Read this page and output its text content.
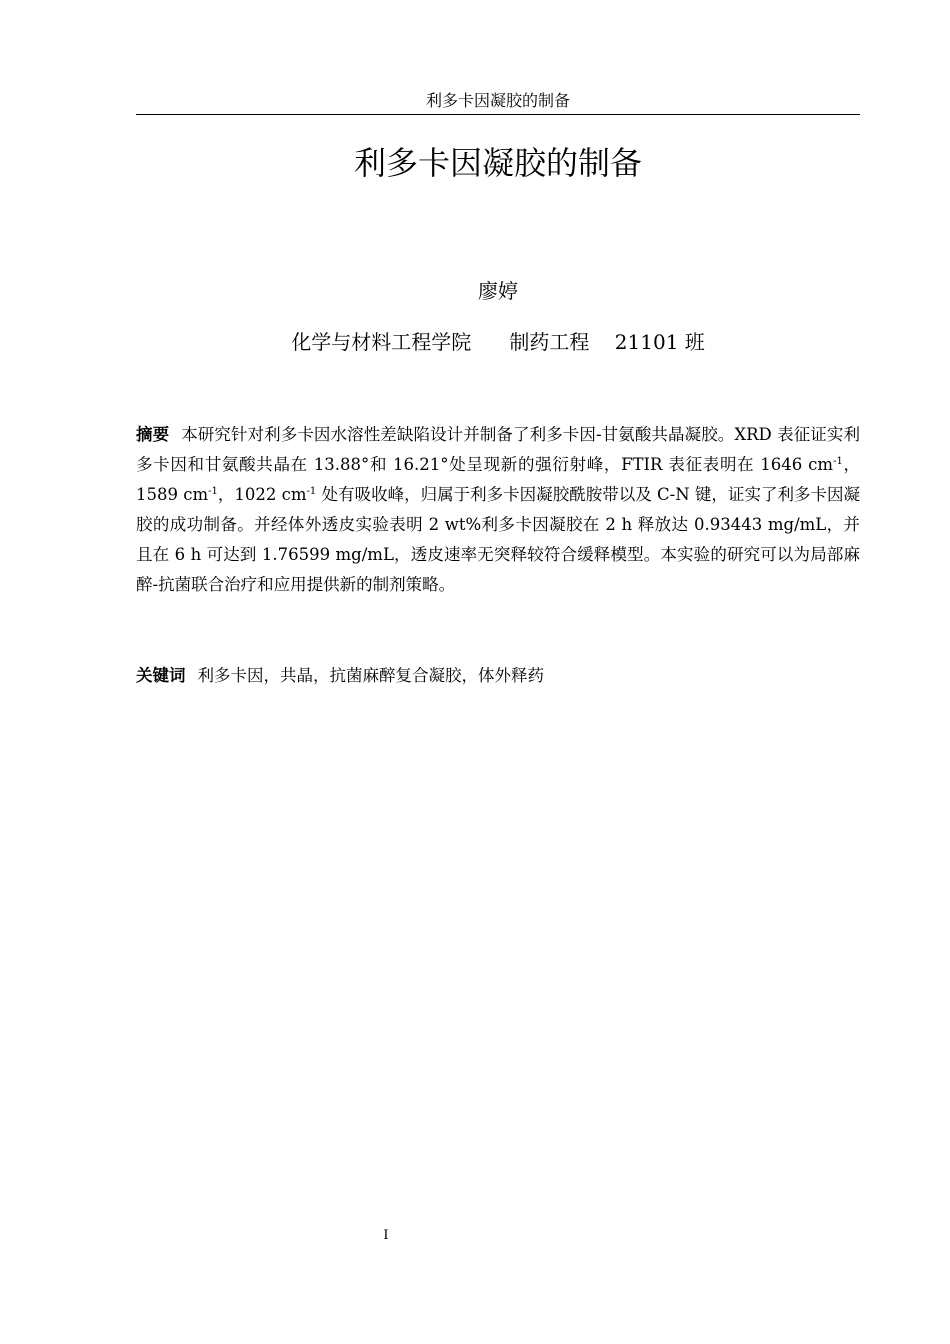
利多卡因凝胶的制备
利多卡因凝胶的制备
廖婷
化学与材料工程学院      制药工程    21101 班

摘要 本研究针对利多卡因水溶性差缺陷设计并制备了利多卡因-甘氨酸共晶凝胶。XRD 表征证实利多卡因和甘氨酸共晶在 13.88°和 16.21°处呈现新的强衍射峰，FTIR 表征表明在 1646 $cm^{-1}$，1589 $cm^{-1}$，1022 $cm^{-1}$ 处有吸收峰，归属于利多卡因凝胶酰胺带以及 C-N 键，证实了利多卡因凝胶的成功制备。并经体外透皮实验表明 2 wt%利多卡因凝胶在 2 h 释放达 0.93443 mg/mL，并且在 6 h 可达到 1.76599 mg/mL，透皮速率无突释较符合缓释模型。本实验的研究可以为局部麻醉-抗菌联合治疗和应用提供新的制剂策略。

关键词 利多卡因，共晶，抗菌麻醉复合凝胶，体外释药

I
